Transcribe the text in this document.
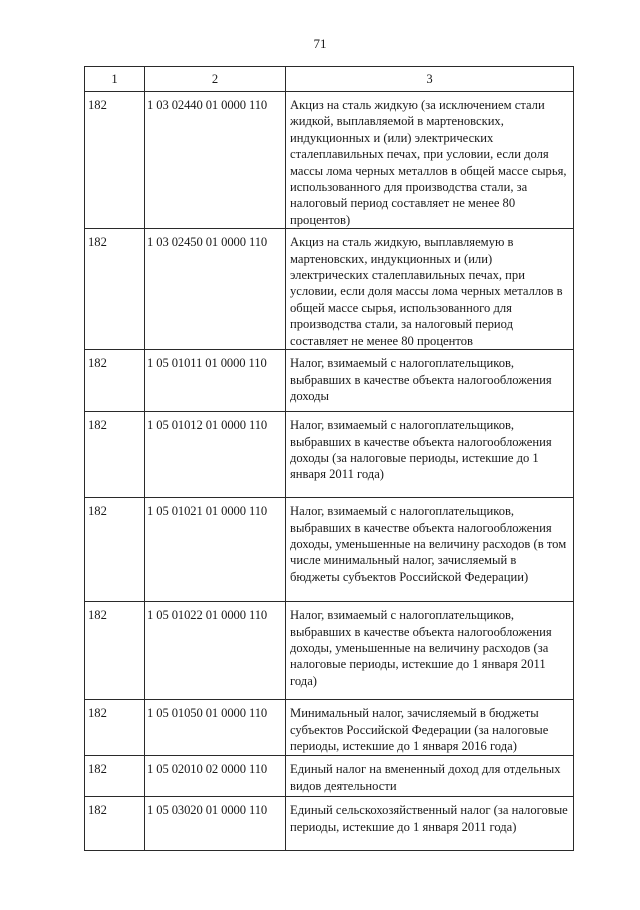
71
1	2	3
182	1 03 02440 01 0000 110	Акциз на сталь жидкую (за исключением стали жидкой, выплавляемой в мартеновских, индукционных и (или) электрических сталеплавильных печах, при условии, если доля массы лома черных металлов в общей массе сырья, использованного для производства стали, за налоговый период составляет не менее 80 процентов)
182	1 03 02450 01 0000 110	Акциз на сталь жидкую, выплавляемую в мартеновских, индукционных и (или) электрических сталеплавильных печах, при условии, если доля массы лома черных металлов в общей массе сырья, использованного для производства стали, за налоговый период составляет не менее 80 процентов
182	1 05 01011 01 0000 110	Налог, взимаемый с налогоплательщиков, выбравших в качестве объекта налогообложения доходы
182	1 05 01012 01 0000 110	Налог, взимаемый с налогоплательщиков, выбравших в качестве объекта налогообложения доходы (за налоговые периоды, истекшие до 1 января 2011 года)
182	1 05 01021 01 0000 110	Налог, взимаемый с налогоплательщиков, выбравших в качестве объекта налогообложения доходы, уменьшенные на величину расходов (в том числе минимальный налог, зачисляемый в бюджеты субъектов Российской Федерации)
182	1 05 01022 01 0000 110	Налог, взимаемый с налогоплательщиков, выбравших в качестве объекта налогообложения доходы, уменьшенные на величину расходов (за налоговые периоды, истекшие до 1 января 2011 года)
182	1 05 01050 01 0000 110	Минимальный налог, зачисляемый в бюджеты субъектов Российской Федерации (за налоговые периоды, истекшие до 1 января 2016 года)
182	1 05 02010 02 0000 110	Единый налог на вмененный доход для отдельных видов деятельности
182	1 05 03020 01 0000 110	Единый сельскохозяйственный налог (за налоговые периоды, истекшие до 1 января 2011 года)
